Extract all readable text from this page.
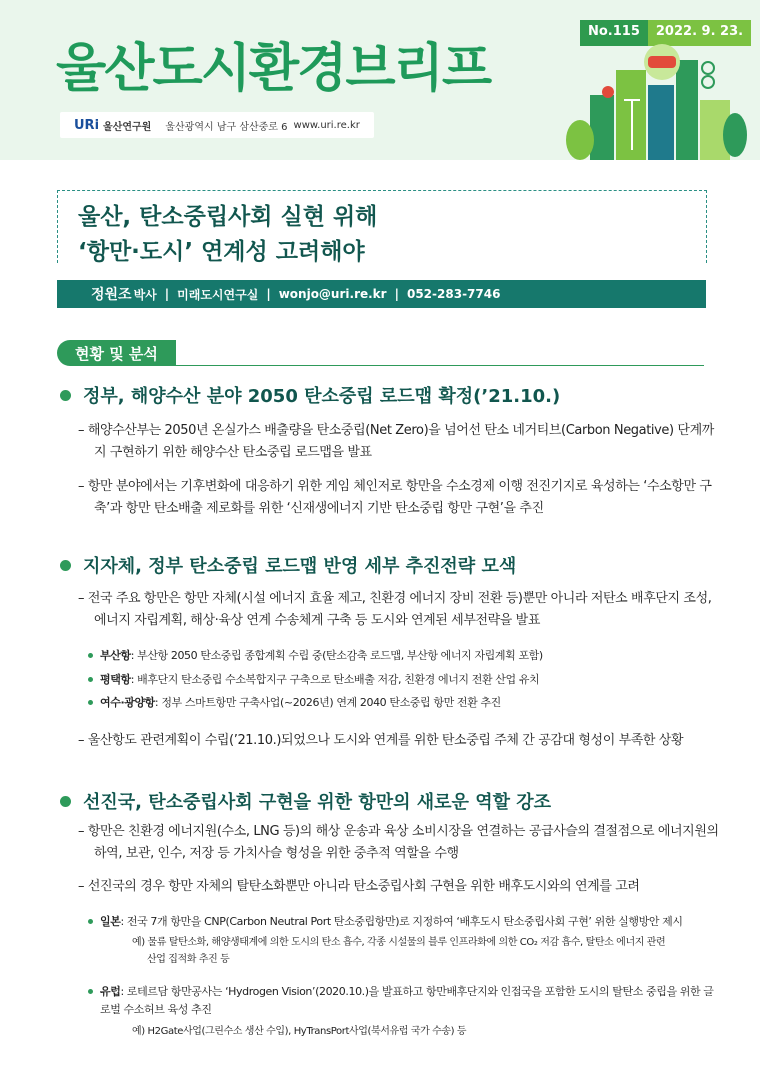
울산도시환경브리프
No.115	2022. 9. 23.
URi 울산연구원 울산광역시 남구 삼산중로 6 www.uri.re.kr
울산, 탄소중립사회 실현 위해
‘항만·도시’ 연계성 고려해야
정원조 박사 | 미래도시연구실 | wonjo@uri.re.kr | 052-283-7746
현황 및 분석
정부, 해양수산 분야 2050 탄소중립 로드맵 확정(’21.10.)
– 해양수산부는 2050년 온실가스 배출량을 탄소중립(Net Zero)을 넘어선 탄소 네거티브(Carbon Negative) 단계까지 구현하기 위한 해양수산 탄소중립 로드맵을 발표
– 항만 분야에서는 기후변화에 대응하기 위한 게임 체인저로 항만을 수소경제 이행 전진기지로 육성하는 ‘수소항만 구축’과 항만 탄소배출 제로화를 위한 ‘신재생에너지 기반 탄소중립 항만 구현’을 추진
지자체, 정부 탄소중립 로드맵 반영 세부 추진전략 모색
– 전국 주요 항만은 항만 자체(시설 에너지 효율 제고, 친환경 에너지 장비 전환 등)뿐만 아니라 저탄소 배후단지 조성, 에너지 자립계획, 해상·육상 연계 수송체계 구축 등 도시와 연계된 세부전략을 발표
부산항: 부산항 2050 탄소중립 종합계획 수립 중(탄소감축 로드맵, 부산항 에너지 자립계획 포함)
평택항: 배후단지 탄소중립 수소복합지구 구축으로 탄소배출 저감, 친환경 에너지 전환 산업 유치
여수·광양항: 정부 스마트항만 구축사업(~2026년) 연계 2040 탄소중립 항만 전환 추진
– 울산항도 관련계획이 수립(’21.10.)되었으나 도시와 연계를 위한 탄소중립 주체 간 공감대 형성이 부족한 상황
선진국, 탄소중립사회 구현을 위한 항만의 새로운 역할 강조
– 항만은 친환경 에너지원(수소, LNG 등)의 해상 운송과 육상 소비시장을 연결하는 공급사슬의 결절점으로 에너지원의 하역, 보관, 인수, 저장 등 가치사슬 형성을 위한 중추적 역할을 수행
– 선진국의 경우 항만 자체의 탈탄소화뿐만 아니라 탄소중립사회 구현을 위한 배후도시와의 연계를 고려
일본: 전국 7개 항만을 CNP(Carbon Neutral Port 탄소중립항만)로 지정하여 ‘배후도시 탄소중립사회 구현’ 위한 실행방안 제시
예) 물류 탈탄소화, 해양생태계에 의한 도시의 탄소 흡수, 각종 시설물의 블루 인프라화에 의한 CO₂ 저감 흡수, 탈탄소 에너지 관련
산업 집적화 추진 등
유럽: 로테르담 항만공사는 ‘Hydrogen Vision’(2020.10.)을 발표하고 항만배후단지와 인접국을 포함한 도시의 탈탄소 중립을 위한 글로벌 수소허브 육성 추진
예) H2Gate사업(그린수소 생산 수입), HyTransPort사업(북서유럽 국가 수송) 등
